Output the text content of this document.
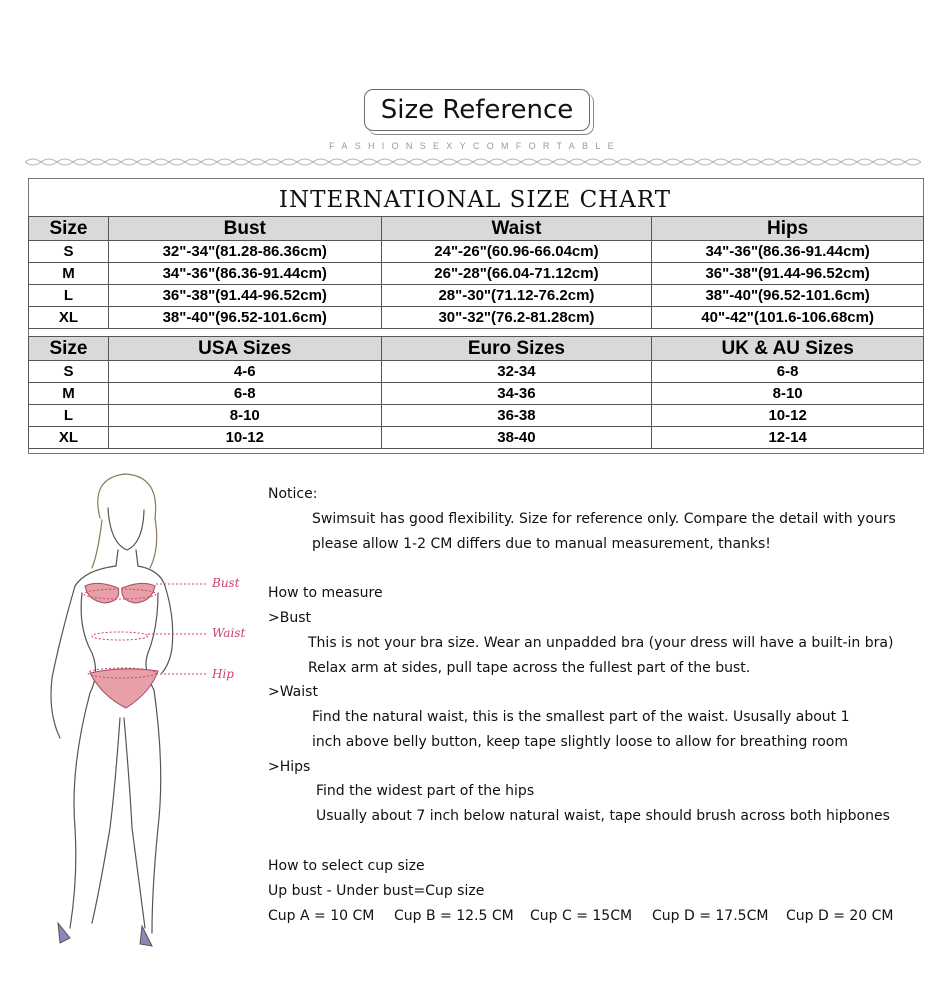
Size Reference
FASHIONSEXYCOMFORTABLE
INTERNATIONAL SIZE CHART
Size	Bust	Waist	Hips
S	32"-34"(81.28-86.36cm)	24"-26"(60.96-66.04cm)	34"-36"(86.36-91.44cm)
M	34"-36"(86.36-91.44cm)	26"-28"(66.04-71.12cm)	36"-38"(91.44-96.52cm)
L	36"-38"(91.44-96.52cm)	28"-30"(71.12-76.2cm)	38"-40"(96.52-101.6cm)
XL	38"-40"(96.52-101.6cm)	30"-32"(76.2-81.28cm)	40"-42"(101.6-106.68cm)
Size	USA Sizes	Euro Sizes	UK & AU Sizes
S	4-6	32-34	6-8
M	6-8	34-36	8-10
L	8-10	36-38	10-12
XL	10-12	38-40	12-14
Bust
Waist
Hip
Notice:
Swimsuit has good flexibility. Size for reference only. Compare the detail with yours
please allow 1-2 CM differs due to manual measurement, thanks!
How to measure
>Bust
This is not your bra size. Wear an unpadded bra (your dress will have a built-in bra)
Relax arm at sides, pull tape across the fullest part of the bust.
>Waist
Find the natural waist, this is the smallest part of the waist. Ususally about 1
inch above belly button, keep tape slightly loose to allow for breathing room
>Hips
Find the widest part of the hips
Usually about 7 inch below natural waist, tape should brush across both hipbones
How to select cup size
Up bust - Under bust=Cup size
Cup A = 10 CM Cup B = 12.5 CM Cup C = 15CM Cup D = 17.5CM Cup D = 20 CM
